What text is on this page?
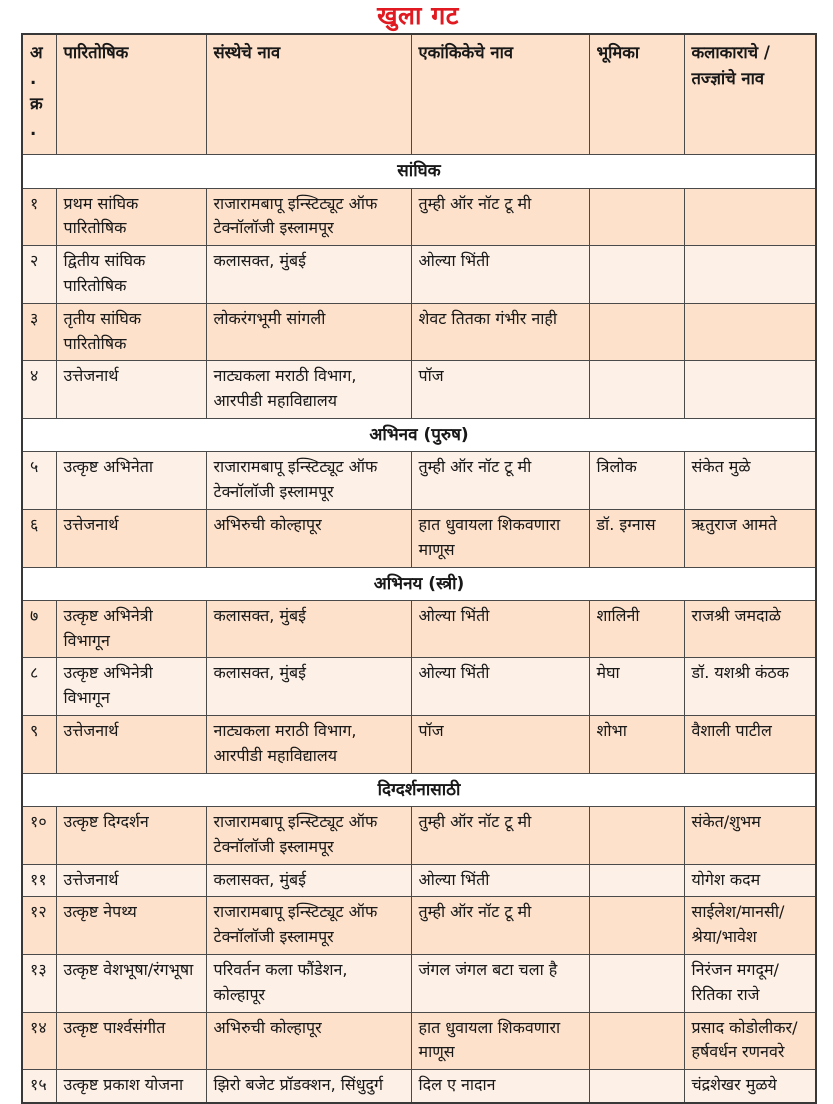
खुला गट
अ. क्र.	पारितोषिक	संस्थेचे नाव	एकांकिकेचे नाव	भूमिका	कलाकाराचे / तज्ज्ञांचे नाव
सांघिक					
१	प्रथम सांघिक पारितोषिक	राजारामबापू इन्स्टिट्यूट ऑफ टेक्नॉलॉजी इस्लामपूर	तुम्ही ऑर नॉट टू मी		
२	द्वितीय सांघिक पारितोषिक	कलासक्त, मुंबई	ओल्या भिंती		
३	तृतीय सांघिक पारितोषिक	लोकरंगभूमी सांगली	शेवट तितका गंभीर नाही		
४	उत्तेजनार्थ	नाट्यकला मराठी विभाग, आरपीडी महाविद्यालय	पॉज		
अभिनव (पुरुष)					
५	उत्कृष्ट अभिनेता	राजारामबापू इन्स्टिट्यूट ऑफ टेक्नॉलॉजी इस्लामपूर	तुम्ही ऑर नॉट टू मी	त्रिलोक	संकेत मुळे
६	उत्तेजनार्थ	अभिरुची कोल्हापूर	हात धुवायला शिकवणारा माणूस	डॉ. इग्नास	ऋतुराज आमते
अभिनय (स्त्री)					
७	उत्कृष्ट अभिनेत्री विभागून	कलासक्त, मुंबई	ओल्या भिंती	शालिनी	राजश्री जमदाळे
८	उत्कृष्ट अभिनेत्री विभागून	कलासक्त, मुंबई	ओल्या भिंती	मेघा	डॉ. यशश्री कंठक
९	उत्तेजनार्थ	नाट्यकला मराठी विभाग, आरपीडी महाविद्यालय	पॉज	शोभा	वैशाली पाटील
दिग्दर्शनासाठी					
१०	उत्कृष्ट दिग्दर्शन	राजारामबापू इन्स्टिट्यूट ऑफ टेक्नॉलॉजी इस्लामपूर	तुम्ही ऑर नॉट टू मी		संकेत/शुभम
११	उत्तेजनार्थ	कलासक्त, मुंबई	ओल्या भिंती		योगेश कदम
१२	उत्कृष्ट नेपथ्य	राजारामबापू इन्स्टिट्यूट ऑफ टेक्नॉलॉजी इस्लामपूर	तुम्ही ऑर नॉट टू मी		साईलेश/मानसी/श्रेया/भावेश
१३	उत्कृष्ट वेशभूषा/रंगभूषा	परिवर्तन कला फौंडेशन, कोल्हापूर	जंगल जंगल बटा चला है		निरंजन मगदूम/रितिका राजे
१४	उत्कृष्ट पार्श्वसंगीत	अभिरुची कोल्हापूर	हात धुवायला शिकवणारा माणूस		प्रसाद कोडोलीकर/हर्षवर्धन रणनवरे
१५	उत्कृष्ट प्रकाश योजना	झिरो बजेट प्रॉडक्शन, सिंधुदुर्ग	दिल ए नादान		चंद्रशेखर मुळये
